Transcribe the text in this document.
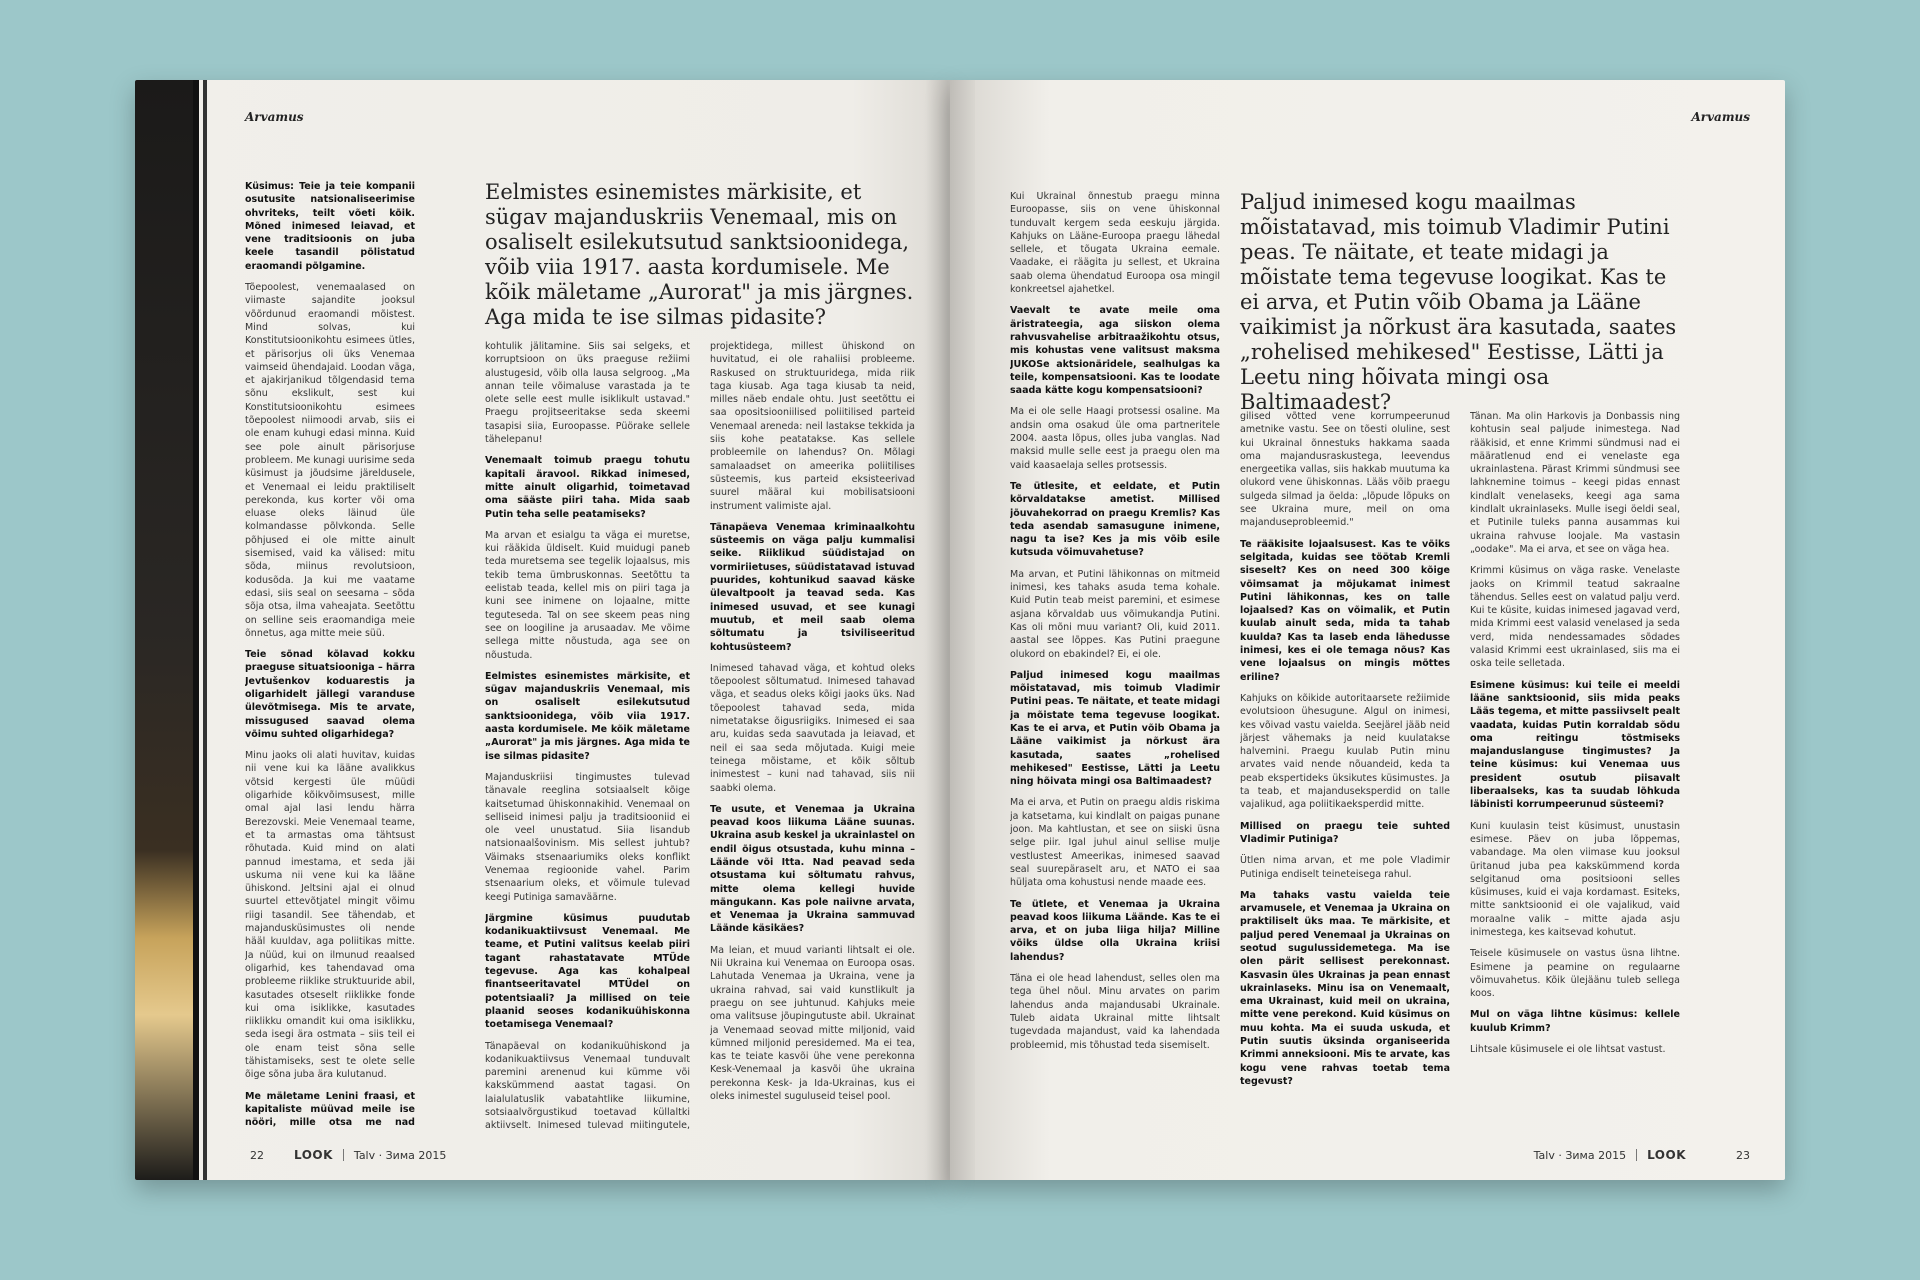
Arvamus

Küsimus: Teie ja teie kompanii osutusite natsionaliseerimise ohvriteks, teilt võeti kõik. Mõned inimesed leiavad, et vene traditsioonis on juba keele tasandil põlistatud eraomandi põlgamine.

Tõepoolest, venemaalased on viimaste sajandite jooksul võõrdunud eraomandi mõistest. Mind solvas, kui Konstitutsioonikohtu esimees ütles, et pärisorjus oli üks Venemaa vaimseid ühendajaid. Loodan väga, et ajakirjanikud tõlgendasid tema sõnu ekslikult, sest kui Konstitutsioonikohtu esimees tõepoolest niimoodi arvab, siis ei ole enam kuhugi edasi minna. Kuid see pole ainult pärisorjuse probleem. Me kunagi uurisime seda küsimust ja jõudsime järeldusele, et Venemaal ei leidu praktiliselt perekonda, kus korter või oma eluase oleks läinud üle kolmandasse põlvkonda. Selle põhjused ei ole mitte ainult sisemised, vaid ka välised: mitu sõda, miinus revolutsioon, kodusõda. Ja kui me vaatame edasi, siis seal on seesama – sõda sõja otsa, ilma vaheajata. Seetõttu on selline seis eraomandiga meie õnnetus, aga mitte meie süü.

Teie sõnad kõlavad kokku praeguse situatsiooniga – härra Jevtušenkov koduarestis ja oligarhidelt jällegi varanduse ülevõtmisega. Mis te arvate, missugused saavad olema võimu suhted oligarhidega?

Minu jaoks oli alati huvitav, kuidas nii vene kui ka lääne avalikkus võtsid kergesti üle müüdi oligarhide kõikvõimsusest, mille omal ajal lasi lendu härra Berezovski. Meie Venemaal teame, et ta armastas oma tähtsust rõhutada. Kuid mind on alati pannud imestama, et seda jäi uskuma nii vene kui ka lääne ühiskond. Jeltsini ajal ei olnud suurtel ettevõtjatel mingit võimu riigi tasandil. See tähendab, et majandusküsimustes oli nende hääl kuuldav, aga poliitikas mitte. Ja nüüd, kui on ilmunud reaalsed oligarhid, kes tahendavad oma probleeme riiklike struktuuride abil, kasutades otseselt riiklikke fonde kui oma isiklikke, kasutades riiklikku omandit kui oma isiklikku, seda isegi ära ostmata – siis teil ei ole enam teist sõna selle tähistamiseks, sest te olete selle õige sõna juba ära kulutanud.

Me mäletame Lenini fraasi, et kapitaliste müüvad meile ise nööri, mille otsa me nad

Eelmistes esinemistes märkisite, et sügav majanduskriis Venemaal, mis on osaliselt esilekutsutud sanktsioonidega, võib viia 1917. aasta kordumisele. Me kõik mäletame „Aurorat" ja mis järgnes. Aga mida te ise silmas pidasite?

kohtulik jälitamine. Siis sai selgeks, et korruptsioon on üks praeguse režiimi alustugesid, võib olla lausa selgroog. „Ma annan teile võimaluse varastada ja te olete selle eest mulle isiklikult ustavad." Praegu projitseeritakse seda skeemi tasapisi siia, Euroopasse. Püörake sellele tähelepanu!

Venemaalt toimub praegu tohutu kapitali äravool. Rikkad inimesed, mitte ainult oligarhid, toimetavad oma sääste piiri taha. Mida saab Putin teha selle peatamiseks?

Ma arvan et esialgu ta väga ei muretse, kui rääkida üldiselt. Kuid muidugi paneb teda muretsema see tegelik lojaalsus, mis tekib tema ümbruskonnas. Seetõttu ta eelistab teada, kellel mis on piiri taga ja kuni see inimene on lojaalne, mitte teguteseda. Tal on see skeem peas ning see on loogiline ja arusaadav. Me võime sellega mitte nõustuda, aga see on nõustuda.

Eelmistes esinemistes märkisite, et sügav majanduskriis Venemaal, mis on osaliselt esilekutsutud sanktsioonidega, võib viia 1917. aasta kordumisele. Me kõik mäletame „Aurorat" ja mis järgnes. Aga mida te ise silmas pidasite?

Majanduskriisi tingimustes tulevad tänavale reeglina sotsiaalselt kõige kaitsetumad ühiskonnakihid. Venemaal on selliseid inimesi palju ja traditsiooniid ei ole veel unustatud. Siia lisandub natsionaalšovinism. Mis sellest juhtub? Väimaks stsenaariumiks oleks konflikt Venemaa regioonide vahel. Parim stsenaarium oleks, et võimule tulevad keegi Putiniga samaväärne.

Järgmine küsimus puudutab kodanikuaktiivsust Venemaal. Me teame, et Putini valitsus keelab piiri tagant rahastatavate MTÜde tegevuse. Aga kas kohalpeal finantseeritavatel MTÜdel on potentsiaali? Ja millised on teie plaanid seoses kodanikuühiskonna toetamisega Venemaal?

Tänapäeval on kodanikuühiskond ja kodanikuaktiivsus Venemaal tunduvalt paremini arenenud kui kümme või kakskümmend aastat tagasi. On laialulatuslik vabatahtlike liikumine, sotsiaalvõrgustikud toetavad küllaltki aktiivselt. Inimesed tulevad miitingutele,

projektidega, millest ühiskond on huvitatud, ei ole rahaliisi probleeme. Raskused on struktuuridega, mida riik taga kiusab. Aga taga kiusab ta neid, milles näeb endale ohtu. Just seetõttu ei saa opositsiooniilised poliitilised parteid Venemaal areneda: neil lastakse tekkida ja siis kohe peatatakse. Kas sellele probleemile on lahendus? On. Mõlagi samalaadset on ameerika poliitilises süsteemis, kus parteid eksisteerivad suurel määral kui mobilisatsiooni instrument valimiste ajal.

Tänapäeva Venemaa kriminaalkohtu süsteemis on väga palju kummalisi seike. Riiklikud süüdistajad on vormiriietuses, süüdistatavad istuvad puurides, kohtunikud saavad käske ülevaltpoolt ja teavad seda. Kas inimesed usuvad, et see kunagi muutub, et meil saab olema sõltumatu ja tsiviliseeritud kohtusüsteem?

Inimesed tahavad väga, et kohtud oleks tõepoolest sõltumatud. Inimesed tahavad väga, et seadus oleks kõigi jaoks üks. Nad tõepoolest tahavad seda, mida nimetatakse õigusriigiks. Inimesed ei saa aru, kuidas seda saavutada ja leiavad, et neil ei saa seda mõjutada. Kuigi meie teinega mõistame, et kõik sõltub inimestest – kuni nad tahavad, siis nii saabki olema.

Te usute, et Venemaa ja Ukraina peavad koos liikuma Lääne suunas. Ukraina asub keskel ja ukrainlastel on endil õigus otsustada, kuhu minna – Läände või Itta. Nad peavad seda otsustama kui sõltumatu rahvus, mitte olema kellegi huvide mängukann. Kas pole naiivne arvata, et Venemaa ja Ukraina sammuvad Läände käsikäes?

Ma leian, et muud varianti lihtsalt ei ole. Nii Ukraina kui Venemaa on Euroopa osas. Lahutada Venemaa ja Ukraina, vene ja ukraina rahvad, sai vaid kunstlikult ja praegu on see juhtunud. Kahjuks meie oma valitsuse jõupingutuste abil. Ukrainat ja Venemaad seovad mitte miljonid, vaid kümned miljonid peresidemed. Ma ei tea, kas te teiate kasvõi ühe vene perekonna Kesk-Venemaal ja kasvõi ühe ukraina perekonna Kesk- ja Ida-Ukrainas, kus ei oleks inimestel suguluseid teisel pool.

22	LOOK Talv · Зима 2015
Arvamus

Kui Ukrainal õnnestub praegu minna Euroopasse, siis on vene ühiskonnal tunduvalt kergem seda eeskuju järgida. Kahjuks on Lääne-Euroopa praegu lähedal sellele, et tõugata Ukraina eemale. Vaadake, ei räägita ju sellest, et Ukraina saab olema ühendatud Euroopa osa mingil konkreetsel ajahetkel.

Vaevalt te avate meile oma äristrateegia, aga siiskon olema rahvusvahelise arbitraažikohtu otsus, mis kohustas vene valitsust maksma JUKOSe aktsionäridele, sealhulgas ka teile, kompensatsiooni. Kas te loodate saada kätte kogu kompensatsiooni?

Ma ei ole selle Haagi protsessi osaline. Ma andsin oma osakud üle oma partneritele 2004. aasta lõpus, olles juba vanglas. Nad maksid mulle selle eest ja praegu olen ma vaid kaasaelaja selles protsessis.

Te ütlesite, et eeldate, et Putin kõrvaldatakse ametist. Millised jõuvahekorrad on praegu Kremlis? Kas teda asendab samasugune inimene, nagu ta ise? Kes ja mis võib esile kutsuda võimuvahetuse?

Ma arvan, et Putini lähikonnas on mitmeid inimesi, kes tahaks asuda tema kohale. Kuid Putin teab meist paremini, et esimese asjana kõrvaldab uus võimukandja Putini. Kas oli mõni muu variant? Oli, kuid 2011. aastal see lõppes. Kas Putini praegune olukord on ebakindel? Ei, ei ole.

Paljud inimesed kogu maailmas mõistatavad, mis toimub Vladimir Putini peas. Te näitate, et teate midagi ja mõistate tema tegevuse loogikat. Kas te ei arva, et Putin võib Obama ja Lääne vaikimist ja nõrkust ära kasutada, saates „rohelised mehikesed" Eestisse, Lätti ja Leetu ning hõivata mingi osa Baltimaadest?

Ma ei arva, et Putin on praegu aldis riskima ja katsetama, kui kindlalt on paigas punane joon. Ma kahtlustan, et see on siiski üsna selge piir. Igal juhul ainul sellise mulje vestlustest Ameerikas, inimesed saavad seal suurepäraselt aru, et NATO ei saa hüljata oma kohustusi nende maade ees.

Te ütlete, et Venemaa ja Ukraina peavad koos liikuma Läände. Kas te ei arva, et on juba liiga hilja? Milline võiks üldse olla Ukraina kriisi lahendus?

Täna ei ole head lahendust, selles olen ma tega ühel nõul. Minu arvates on parim lahendus anda majandusabi Ukrainale. Tuleb aidata Ukrainal mitte lihtsalt tugevdada majandust, vaid ka lahendada probleemid, mis tõhustad teda sisemiselt.

Paljud inimesed kogu maailmas mõistatavad, mis toimub Vladimir Putini peas. Te näitate, et teate midagi ja mõistate tema tegevuse loogikat. Kas te ei arva, et Putin võib Obama ja Lääne vaikimist ja nõrkust ära kasutada, saates „rohelised mehikesed" Eestisse, Lätti ja Leetu ning hõivata mingi osa Baltimaadest?

gilised võtted vene korrumpeerunud ametnike vastu. See on tõesti oluline, sest kui Ukrainal õnnestuks hakkama saada oma majandusraskustega, leevendus energeetika vallas, siis hakkab muutuma ka olukord vene ühiskonnas. Lääs võib praegu sulgeda silmad ja öelda: „lõpude lõpuks on see Ukraina mure, meil on oma majanduseprobleemid."

Te rääkisite lojaalsusest. Kas te võiks selgitada, kuidas see töötab Kremli siseselt? Kes on need 300 kõige võimsamat ja mõjukamat inimest Putini lähikonnas, kes on talle lojaalsed? Kas on võimalik, et Putin kuulab ainult seda, mida ta tahab kuulda? Kas ta laseb enda lähedusse inimesi, kes ei ole temaga nõus? Kas vene lojaalsus on mingis mõttes eriline?

Kahjuks on kõikide autoritaarsete režiimide evolutsioon ühesugune. Algul on inimesi, kes võivad vastu vaielda. Seejärel jääb neid järjest vähemaks ja neid kuulatakse halvemini. Praegu kuulab Putin minu arvates vaid nende nõuandeid, keda ta peab ekspertideks üksikutes küsimustes. Ja ta teab, et majanduseksperdid on talle vajalikud, aga poliitikaeksperdid mitte.

Millised on praegu teie suhted Vladimir Putiniga?

Ütlen nima arvan, et me pole Vladimir Putiniga endiselt teineteisega rahul.

Ma tahaks vastu vaielda teie arvamusele, et Venemaa ja Ukraina on praktiliselt üks maa. Te märkisite, et paljud pered Venemaal ja Ukrainas on seotud sugulussidemetega. Ma ise olen pärit sellisest perekonnast. Kasvasin üles Ukrainas ja pean ennast ukrainlaseks. Minu isa on Venemaalt, ema Ukrainast, kuid meil on ukraina, mitte vene perekond. Kuid küsimus on muu kohta. Ma ei suuda uskuda, et Putin suutis üksinda organiseerida Krimmi anneksiooni. Mis te arvate, kas kogu vene rahvas toetab tema tegevust?

Tänan. Ma olin Harkovis ja Donbassis ning kohtusin seal paljude inimestega. Nad rääkisid, et enne Krimmi sündmusi nad ei määratlenud end ei venelaste ega ukrainlastena. Pärast Krimmi sündmusi see lahknemine toimus – keegi pidas ennast kindlalt venelaseks, keegi aga sama kindlalt ukrainlaseks. Mulle isegi öeldi seal, et Putinile tuleks panna ausammas kui ukraina rahvuse loojale. Ma vastasin „oodake". Ma ei arva, et see on väga hea.

Krimmi küsimus on väga raske. Venelaste jaoks on Krimmil teatud sakraalne tähendus. Selles eest on valatud palju verd. Kui te küsite, kuidas inimesed jagavad verd, mida Krimmi eest valasid venelased ja seda verd, mida nendessamades sõdades valasid Krimmi eest ukrainlased, siis ma ei oska teile selletada.

Esimene küsimus: kui teile ei meeldi lääne sanktsioonid, siis mida peaks Lääs tegema, et mitte passiivselt pealt vaadata, kuidas Putin korraldab sõdu oma reitingu tõstmiseks majanduslanguse tingimustes? Ja teine küsimus: kui Venemaa uus president osutub piisavalt liberaalseks, kas ta suudab lõhkuda läbinisti korrumpeerunud süsteemi?

Kuni kuulasin teist küsimust, unustasin esimese. Päev on juba lõppemas, vabandage. Ma olen viimase kuu jooksul üritanud juba pea kakskümmend korda selgitanud oma positsiooni selles küsimuses, kuid ei vaja kordamast. Esiteks, mitte sanktsioonid ei ole vajalikud, vaid moraalne valik – mitte ajada asju inimestega, kes kaitsevad kohutut.

Teisele küsimusele on vastus üsna lihtne. Esimene ja peamine on regulaarne võimuvahetus. Kõik ülejäänu tuleb sellega koos.

Mul on väga lihtne küsimus: kellele kuulub Krimm?

Lihtsale küsimusele ei ole lihtsat vastust.

Talv · Зима 2015 LOOK	23
